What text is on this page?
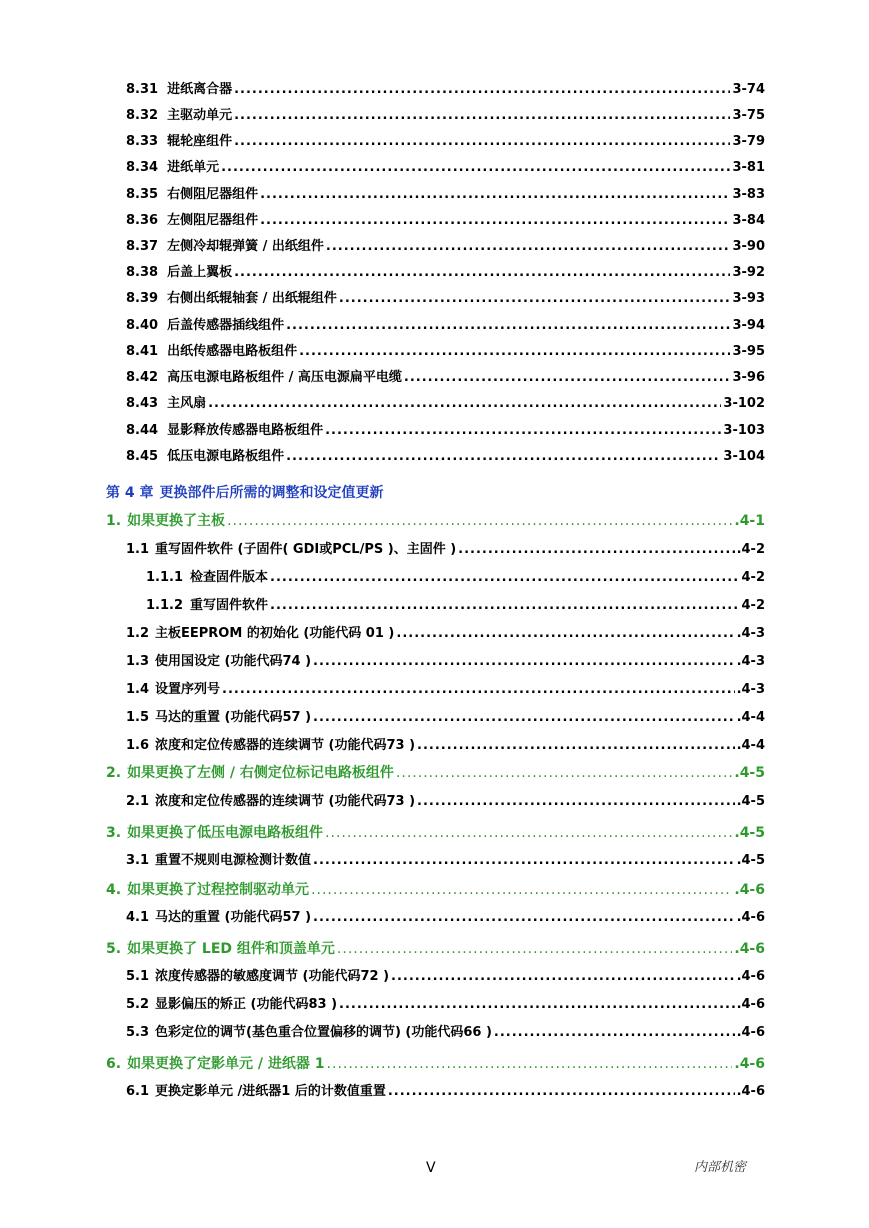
8.31 进纸离合器 .....	3-74
8.32 主驱动单元 .....	3-75
8.33 辊轮座组件 .....	3-79
8.34 进纸单元 .....	3-81
8.35 右侧阻尼器组件 .....	3-83
8.36 左侧阻尼器组件 .....	3-84
8.37 左侧冷却辊弹簧 / 出纸组件 .....	3-90
8.38 后盖上翼板 .....	3-92
8.39 右侧出纸辊轴套 / 出纸辊组件 .....	3-93
8.40 后盖传感器插线组件 .....	3-94
8.41 出纸传感器电路板组件 .....	3-95
8.42 高压电源电路板组件 / 高压电源扁平电缆 .....	3-96
8.43 主风扇 .....	3-102
8.44 显影释放传感器电路板组件 .....	3-103
8.45 低压电源电路板组件 .....	3-104
第 4 章 更换部件后所需的调整和设定值更新
1. 如果更换了主板 .....	.4-1
1.1 重写固件软件 (子固件( GDI或PCL/PS )、主固件 ) .....	.4-2
1.1.1 检查固件版本 .....	4-2
1.1.2 重写固件软件 .....	4-2
1.2 主板EEPROM 的初始化 (功能代码 01 ) .....	.4-3
1.3 使用国设定 (功能代码74 ) .....	.4-3
1.4 设置序列号 .....	.4-3
1.5 马达的重置 (功能代码57 ) .....	.4-4
1.6 浓度和定位传感器的连续调节 (功能代码73 ) .....	.4-4
2. 如果更换了左侧 / 右侧定位标记电路板组件 .....	.4-5
2.1 浓度和定位传感器的连续调节 (功能代码73 ) .....	.4-5
3. 如果更换了低压电源电路板组件 .....	.4-5
3.1 重置不规则电源检测计数值 .....	.4-5
4. 如果更换了过程控制驱动单元 .....	.4-6
4.1 马达的重置 (功能代码57 ) .....	.4-6
5. 如果更换了 LED 组件和顶盖单元 .....	.4-6
5.1 浓度传感器的敏感度调节 (功能代码72 ) .....	.4-6
5.2 显影偏压的矫正 (功能代码83 ) .....	.4-6
5.3 色彩定位的调节(基色重合位置偏移的调节) (功能代码66 ) .....	.4-6
6. 如果更换了定影单元 / 进纸器 1 .....	.4-6
6.1 更换定影单元 /进纸器1 后的计数值重置 .....	.4-6
V	内部机密
